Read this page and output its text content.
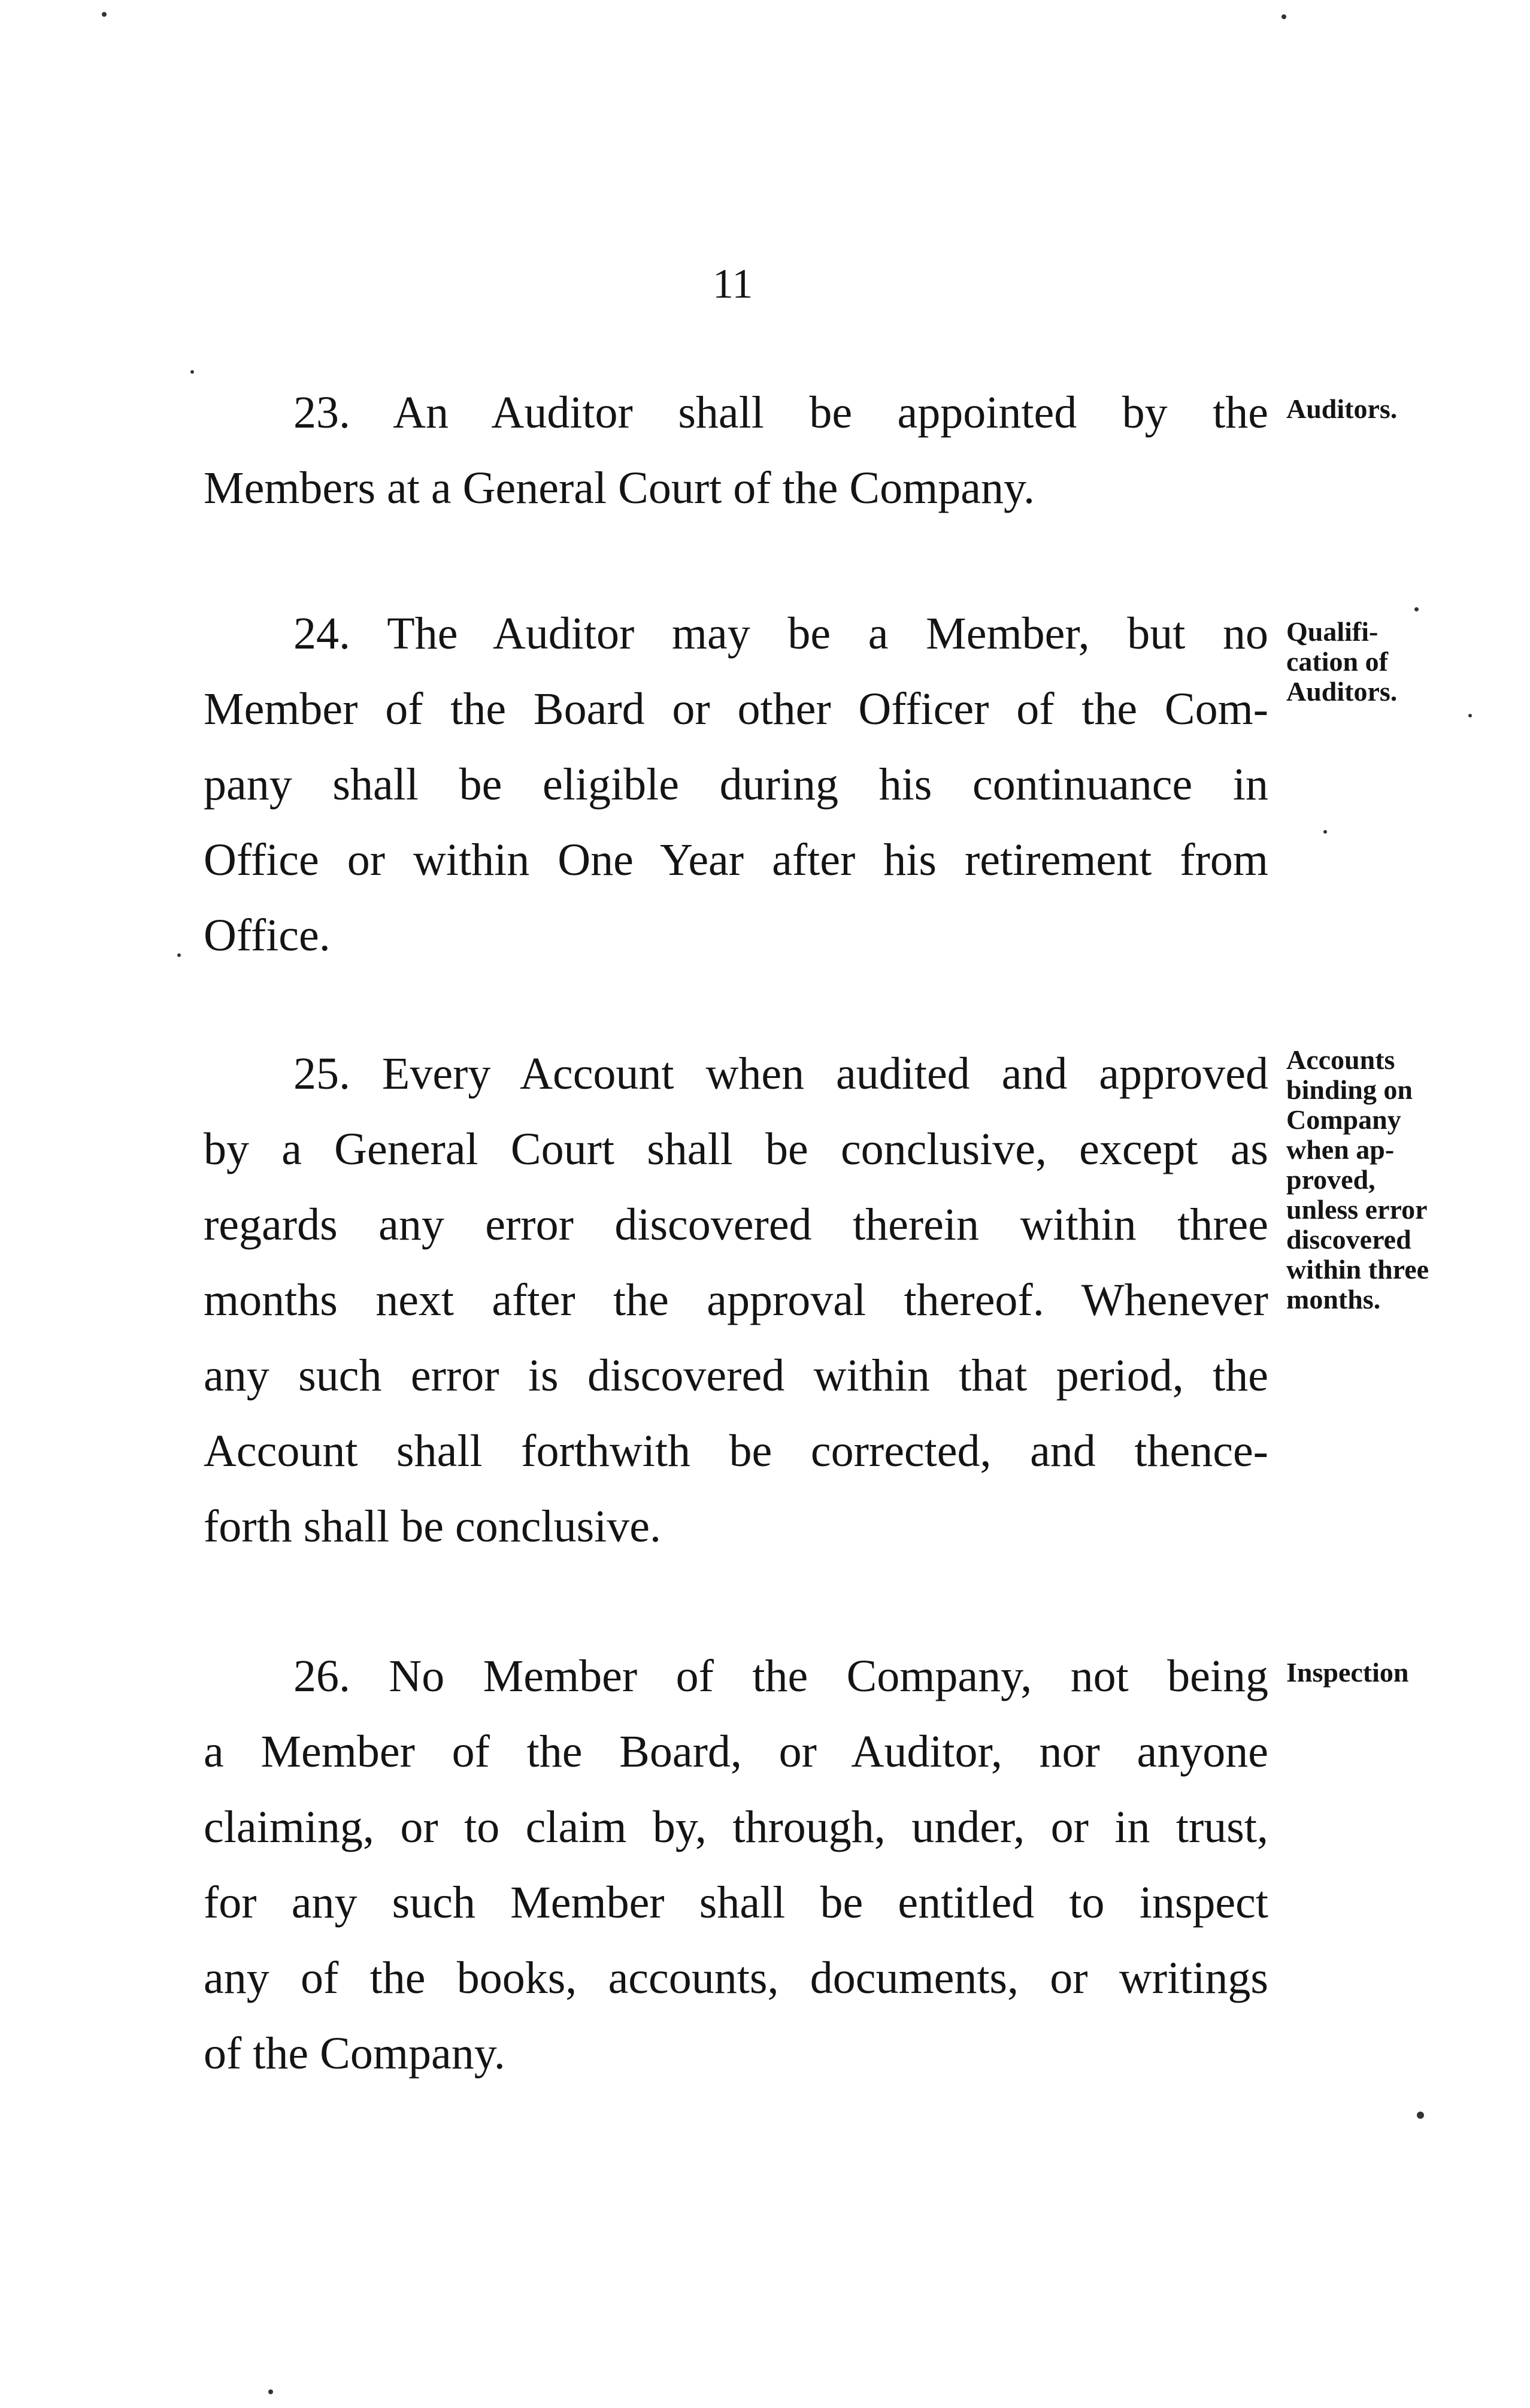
11
23. An Auditor shall be appointed by the
Members at a General Court of the Company.
Auditors.
24. The Auditor may be a Member, but no
Member of the Board or other Officer of the Com-
pany shall be eligible during his continuance in
Office or within One Year after his retirement from
Office.
Qualifi-
cation of
Auditors.
25. Every Account when audited and approved
by a General Court shall be conclusive, except as
regards any error discovered therein within three
months next after the approval thereof. Whenever
any such error is discovered within that period, the
Account shall forthwith be corrected, and thence-
forth shall be conclusive.
Accounts
binding on
Company
when ap-
proved,
unless error
discovered
within three
months.
26. No Member of the Company, not being
a Member of the Board, or Auditor, nor anyone
claiming, or to claim by, through, under, or in trust,
for any such Member shall be entitled to inspect
any of the books, accounts, documents, or writings
of the Company.
Inspection
